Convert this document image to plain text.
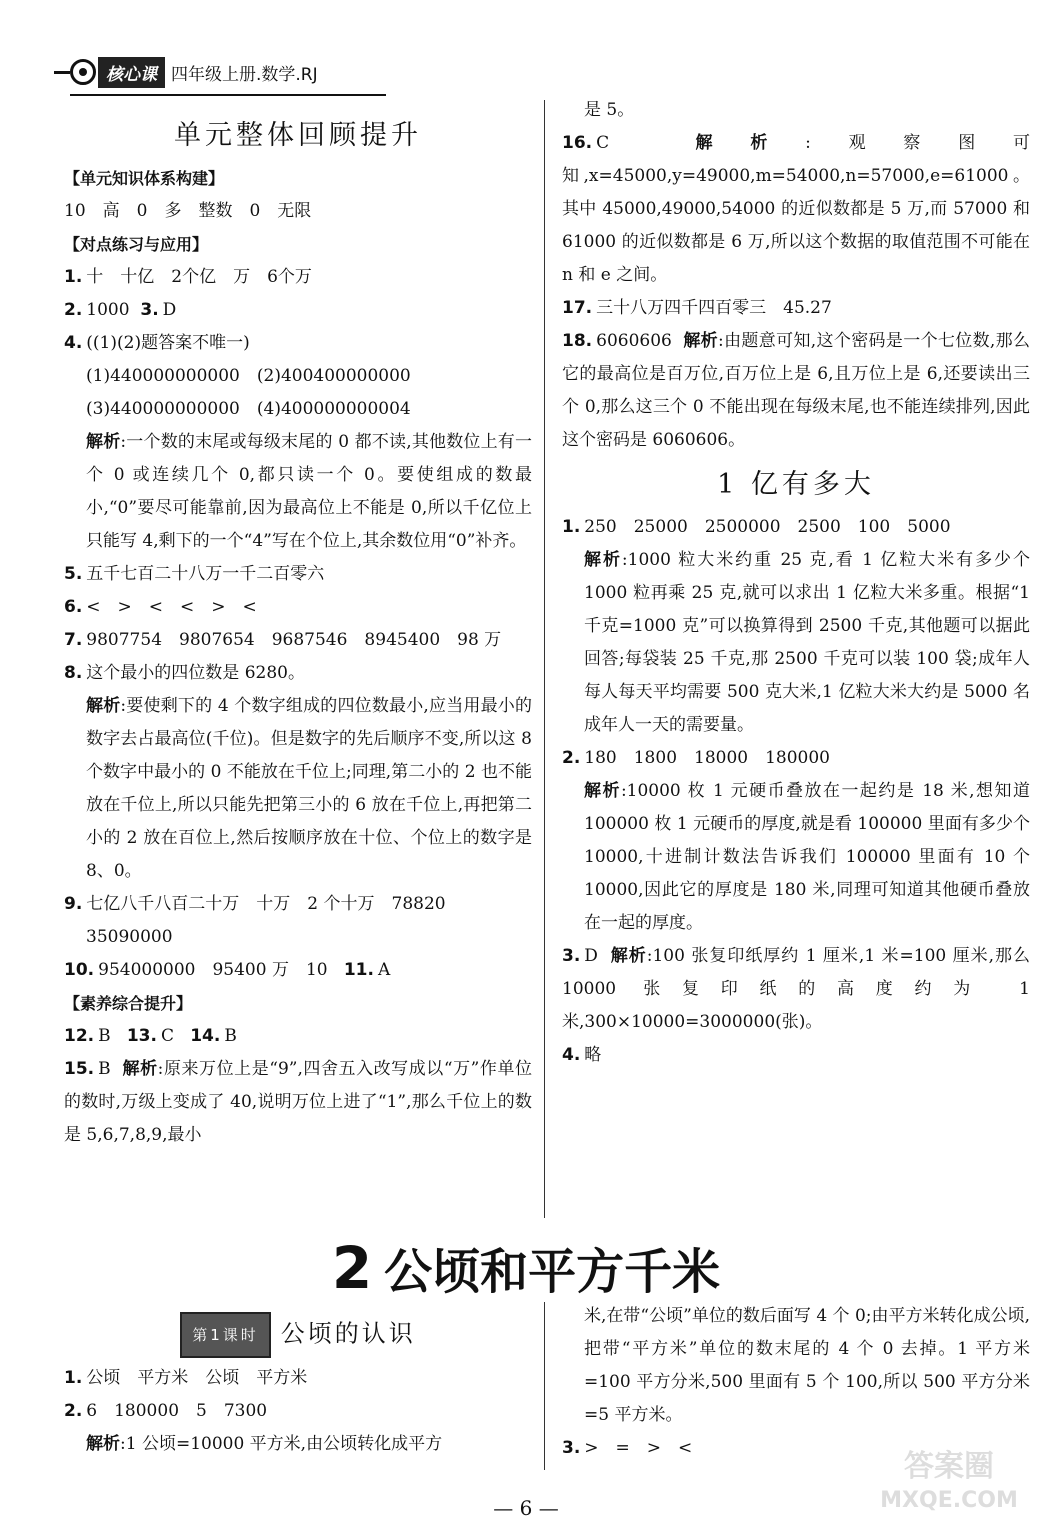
核心课 四年级上册.数学.RJ
单元整体回顾提升
【单元知识体系构建】
10　高　0　多　整数　0　无限
【对点练习与应用】
1. 十　十亿　2个亿　万　6个万
2. 1000 3. D
4. ((1)(2)题答案不唯一)
(1)440000000000　(2)400400000000
(3)440000000000　(4)400000000004
解析:一个数的末尾或每级末尾的 0 都不读,其他数位上有一个 0 或连续几个 0,都只读一个 0。要使组成的数最小,“0”要尽可能靠前,因为最高位上不能是 0,所以千亿位上只能写 4,剩下的一个“4”写在个位上,其余数位用“0”补齐。
5. 五千七百二十八万一千二百零六
6. <　>　<　<　>　<
7. 9807754　9807654　9687546　8945400　98 万
8. 这个最小的四位数是 6280。
解析:要使剩下的 4 个数字组成的四位数最小,应当用最小的数字去占最高位(千位)。但是数字的先后顺序不变,所以这 8 个数字中最小的 0 不能放在千位上;同理,第二小的 2 也不能放在千位上,所以只能先把第三小的 6 放在千位上,再把第二小的 2 放在百位上,然后按顺序放在十位、个位上的数字是 8、0。
9. 七亿八千八百二十万　十万　2 个十万　78820
35090000
10. 954000000　95400 万　10 11. A
【素养综合提升】
12. B 13. C 14. B
15. B 解析:原来万位上是“9”,四舍五入改写成以“万”作单位的数时,万级上变成了 40,说明万位上进了“1”,那么千位上的数是 5,6,7,8,9,最小
是 5。
16. C	解析:观察图可知,x=45000,y=49000,m=54000,n=57000,e=61000。其中 45000,49000,54000 的近似数都是 5 万,而 57000 和 61000 的近似数都是 6 万,所以这个数据的取值范围不可能在 n 和 e 之间。
17. 三十八万四千四百零三　45.27
18. 6060606 解析:由题意可知,这个密码是一个七位数,那么它的最高位是百万位,百万位上是 6,且万位上是 6,还要读出三个 0,那么这三个 0 不能出现在每级末尾,也不能连续排列,因此这个密码是 6060606。
1 亿有多大
1. 250　25000　2500000　2500　100　5000
解析:1000 粒大米约重 25 克,看 1 亿粒大米有多少个 1000 粒再乘 25 克,就可以求出 1 亿粒大米多重。根据“1 千克=1000 克”可以换算得到 2500 千克,其他题可以据此回答;每袋装 25 千克,那 2500 千克可以装 100 袋;成年人每人每天平均需要 500 克大米,1 亿粒大米大约是 5000 名成年人一天的需要量。
2. 180　1800　18000　180000
解析:10000 枚 1 元硬币叠放在一起约是 18 米,想知道 100000 枚 1 元硬币的厚度,就是看 100000 里面有多少个 10000,十进制计数法告诉我们 100000 里面有 10 个 10000,因此它的厚度是 180 米,同理可知道其他硬币叠放在一起的厚度。
3. D 解析:100 张复印纸厚约 1 厘米,1 米=100 厘米,那么 10000 张复印纸的高度约为 1 米,300×10000=3000000(张)。
4. 略
2 公顷和平方千米
第1课时 公顷的认识
1. 公顷　平方米　公顷　平方米
2. 6　180000　5　7300
解析:1 公顷=10000 平方米,由公顷转化成平方
米,在带“公顷”单位的数后面写 4 个 0;由平方米转化成公顷,把带“平方米”单位的数末尾的 4 个 0 去掉。1 平方米=100 平方分米,500 里面有 5 个 100,所以 500 平方分米=5 平方米。
3. >　=　>　<
— 6 —
答案圈
MXQE.COM
